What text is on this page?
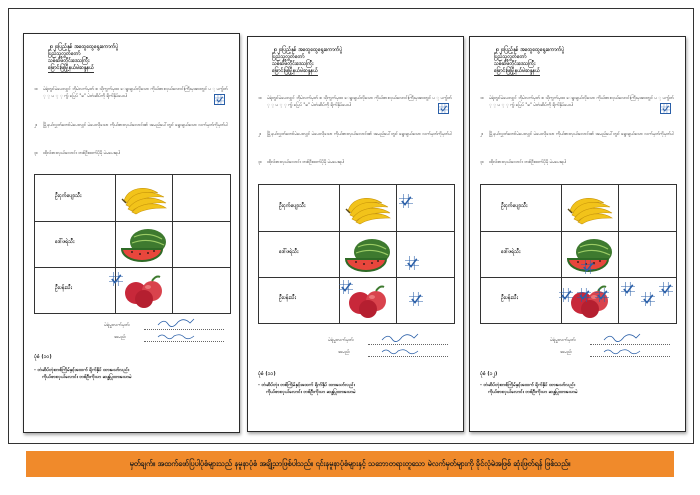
၂၀၂၀ပြည့်နှစ် အထွေထွေရွေးကောက်ပွဲ
ပြည်သူ့လွှတ်တော်
သစ်ဆိမ်တိုင်းဒေသကြီး
မြောင်းမြမြို့နယ်မဲဆန္ဒနယ်
၁။	မဲရုံတွင်မဲပေးလျှင် ဘိုမဲလက်မှတ် စ သိုကွက်မှထ ေရွးချယ်လိုသော ကိုယ်စားလှယ်လောင်းကြီးမှအားတွင် ပ ့ ပက်ွတ် ့ ့ ပ ့ ့ က်ွ ပြေပ် "ဓ" မဲတံဆိပ်ကို ရိုက်နှိပ်ပေးပါ
၂။	မြို့နယ်လွှတ်တော်မဲပေးလျှင် မဲပေးလိုသော ကိုယ်စားလှယ်လောင်း၏ အမည်ပေါ်တွင် ရွေးချယ်သော လက်မှတ်ကိုမှတ်ပါ
၃။	ထိုလ်စားလှယ်လောင်း တစ်ဦးထက်ပိုမို မဲမပေးရပါ
ဦးငှက်ပျောသီး
ဒေါ်ဖရဲသီး
ဦးပန်းသီး
မဲရုံမှူးလက်မှတ်၊
အမည်၊
ပုံစံ (၁၀)
- တံဆိပ်တုံးတစ်ကြိမ်နှင့်အထက် ရိုက်နှိပ် ထားသော်လည်း
ကိုယ်စားလှယ်လောင်း တစ်ဦးကိုသာ ဆန္ဒပြုထားသောမဲ
၂၀၂၀ပြည့်နှစ် အထွေထွေရွေးကောက်ပွဲ
ပြည်သူ့လွှတ်တော်
သစ်ဆိမ်တိုင်းဒေသကြီး
မြောင်းမြမြို့နယ်မဲဆန္ဒနယ်
၁။	မဲရုံတွင်မဲပေးလျှင် ဘိုမဲလက်မှတ် စ သိုကွက်မှထ ေရွးချယ်လိုသော ကိုယ်စားလှယ်လောင်းကြီးမှအားတွင် ပ ့ ပက်ွတ် ့ ့ ပ ့ ့ က်ွ ပြေပ် "ဓ" မဲတံဆိပ်ကို ရိုက်နှိပ်ပေးပါ
၂။	မြို့နယ်လွှတ်တော်မဲပေးလျှင် မဲပေးလိုသော ကိုယ်စားလှယ်လောင်း၏ အမည်ပေါ်တွင် ရွေးချယ်သော လက်မှတ်ကိုမှတ်ပါ
၃။	ထိုလ်စားလှယ်လောင်း တစ်ဦးထက်ပိုမို မဲမပေးရပါ
ဦးငှက်ပျောသီး
ဒေါ်ဖရဲသီး
ဦးပန်းသီး
မဲရုံမှူးလက်မှတ်၊
အမည်၊
ပုံစံ (၁၁)
- တံဆိပ်တုံး တစ်ကြိမ်နှင့်အထက် ရိုက်နှိပ် ထားသော်လည်း
ကိုယ်စားလှယ်လောင်း တစ်ဦးကိုသာ ဆန္ဒပြုထားသောမဲ
၂၀၂၀ပြည့်နှစ် အထွေထွေရွေးကောက်ပွဲ
ပြည်သူ့လွှတ်တော်
သစ်ဆိမ်တိုင်းဒေသကြီး
မြောင်းမြမြို့နယ်မဲဆန္ဒနယ်
၁။	မဲရုံတွင်မဲပေးလျှင် ဘိုမဲလက်မှတ် စ သိုကွက်မှထ ေရွးချယ်လိုသော ကိုယ်စားလှယ်လောင်းကြီးမှအားတွင် ပ ့ ပက်ွတ် ့ ့ ပ ့ ့ က်ွ ပြေပ် "ဓ" မဲတံဆိပ်ကို ရိုက်နှိပ်ပေးပါ
၂။	မြို့နယ်လွှတ်တော်မဲပေးလျှင် မဲပေးလိုသော ကိုယ်စားလှယ်လောင်း၏ အမည်ပေါ်တွင် ရွေးချယ်သော လက်မှတ်ကိုမှတ်ပါ
၃။	ထိုလ်စားလှယ်လောင်း တစ်ဦးထက်ပိုမို မဲမပေးရပါ
ဦးငှက်ပျောသီး
ဒေါ်ဖရဲသီး
ဦးပန်းသီး
မဲရုံမှူးလက်မှတ်၊
အမည်၊
ပုံစံ (၁၂)
- တံဆိပ်တုံးတစ်ကြိမ်နှင့်အထက် ရိုက်နှိပ် ထားသော်လည်း
ကိုယ်စားလှယ်လောင်း တစ်ဦးကိုသာ ဆန္ဒပြုထားသောမဲ
မှတ်ချက်။ အထက်ဖော်ပြပါပုံစံများသည် နမူနာပုံစံ အချို့သာဖြစ်ပါသည်။ ၎င်းနမူနာပုံစံများနှင့် သဘောတရားတူသော မဲလက်မှတ်များကို ခိုင်လုံမဲအဖြစ် ဆုံးဖြတ်ရန် ဖြစ်သည်။
